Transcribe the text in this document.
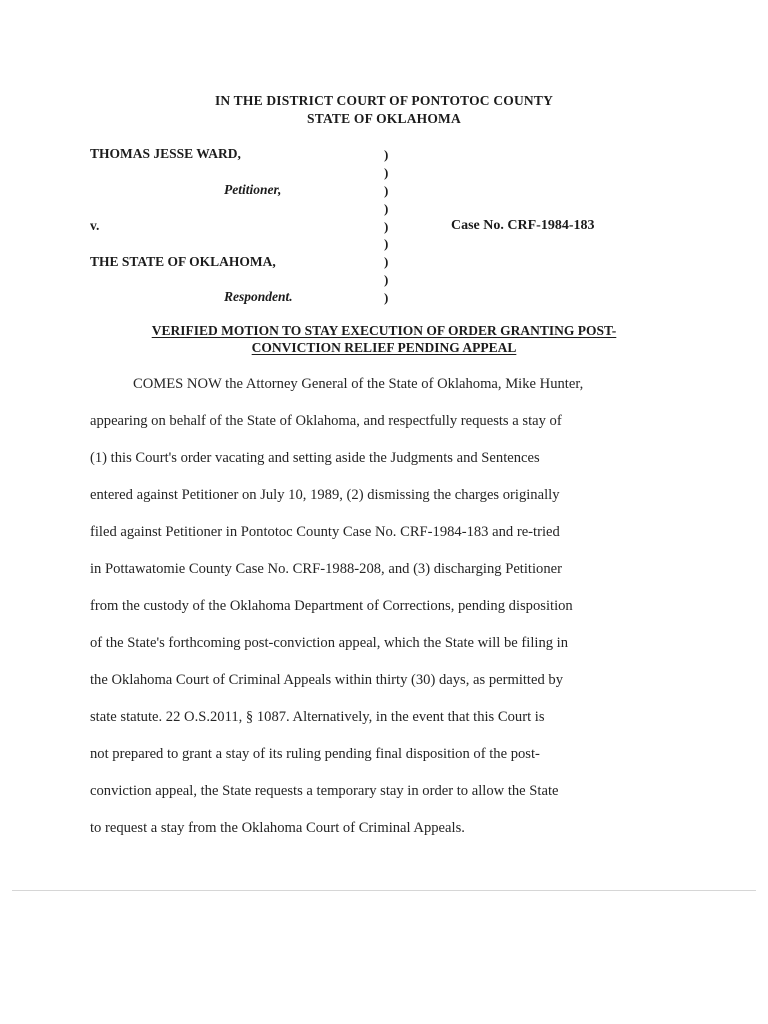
IN THE DISTRICT COURT OF PONTOTOC COUNTY
STATE OF OKLAHOMA
THOMAS JESSE WARD,
Petitioner,
v.
THE STATE OF OKLAHOMA,
Respondent.
Case No. CRF-1984-183
)
)
)
)
)
)
)
)
)
VERIFIED MOTION TO STAY EXECUTION OF ORDER GRANTING POST-
CONVICTION RELIEF PENDING APPEAL
COMES NOW the Attorney General of the State of Oklahoma, Mike Hunter,
appearing on behalf of the State of Oklahoma, and respectfully requests a stay of
(1) this Court's order vacating and setting aside the Judgments and Sentences
entered against Petitioner on July 10, 1989, (2) dismissing the charges originally
filed against Petitioner in Pontotoc County Case No. CRF-1984-183 and re-tried
in Pottawatomie County Case No. CRF-1988-208, and (3) discharging Petitioner
from the custody of the Oklahoma Department of Corrections, pending disposition
of the State's forthcoming post-conviction appeal, which the State will be filing in
the Oklahoma Court of Criminal Appeals within thirty (30) days, as permitted by
state statute. 22 O.S.2011, § 1087. Alternatively, in the event that this Court is
not prepared to grant a stay of its ruling pending final disposition of the post-
conviction appeal, the State requests a temporary stay in order to allow the State
to request a stay from the Oklahoma Court of Criminal Appeals.
